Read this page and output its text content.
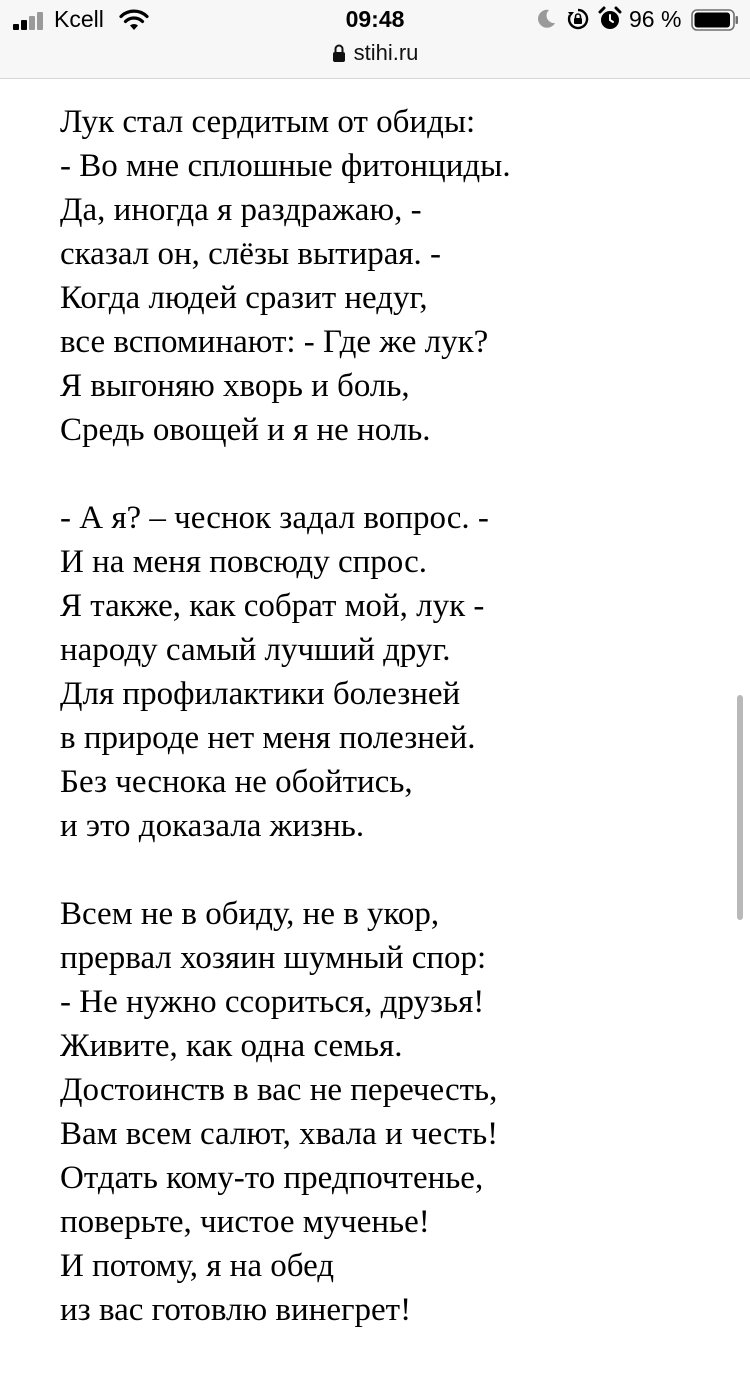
Kcell	09:48	96 %
stihi.ru
Лук стал сердитым от обиды:
- Во мне сплошные фитонциды.
Да, иногда я раздражаю, -
сказал он, слёзы вытирая. -
Когда людей сразит недуг,
все вспоминают: - Где же лук?
Я выгоняю хворь и боль,
Средь овощей и я не ноль.
- А я? – чеснок задал вопрос. -
И на меня повсюду спрос.
Я также, как собрат мой, лук -
народу самый лучший друг.
Для профилактики болезней
в природе нет меня полезней.
Без чеснока не обойтись,
и это доказала жизнь.
Всем не в обиду, не в укор,
прервал хозяин шумный спор:
- Не нужно ссориться, друзья!
Живите, как одна семья.
Достоинств в вас не перечесть,
Вам всем салют, хвала и честь!
Отдать кому-то предпочтенье,
поверьте, чистое мученье!
И потому, я на обед
из вас готовлю винегрет!
